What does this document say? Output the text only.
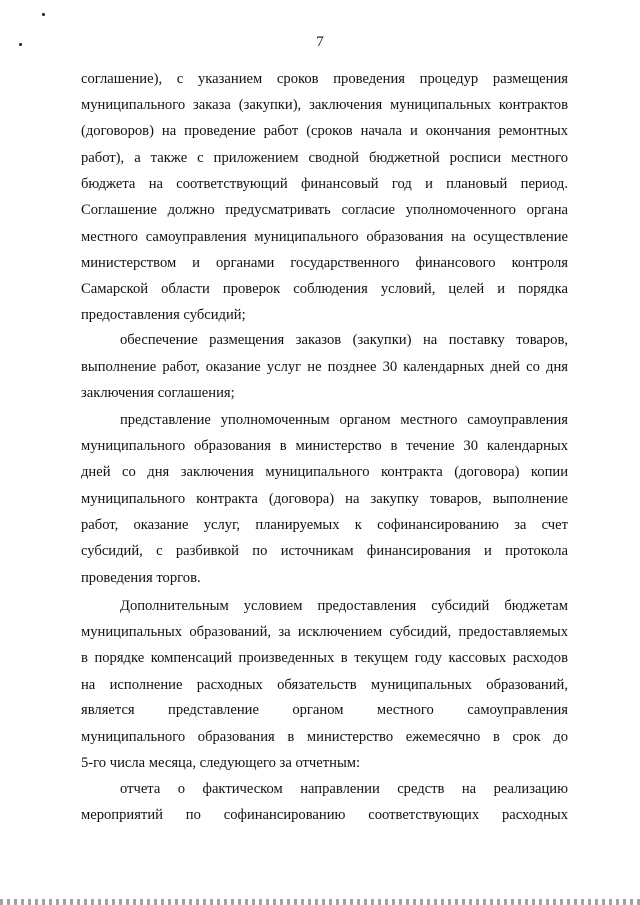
7
соглашение), с указанием сроков проведения процедур размещения
муниципального заказа (закупки), заключения муниципальных контрактов
(договоров) на проведение работ (сроков начала и окончания ремонтных
работ), а также с приложением сводной бюджетной росписи местного
бюджета на соответствующий финансовый год и плановый период.
Соглашение должно предусматривать согласие уполномоченного органа
местного самоуправления муниципального образования на осуществление
министерством и органами государственного финансового контроля
Самарской области проверок соблюдения условий, целей и порядка
предоставления субсидий;
обеспечение размещения заказов (закупки) на поставку товаров,
выполнение работ, оказание услуг не позднее 30 календарных дней со дня
заключения соглашения;
представление уполномоченным органом местного самоуправления
муниципального образования в министерство в течение 30 календарных
дней со дня заключения муниципального контракта (договора) копии
муниципального контракта (договора) на закупку товаров, выполнение
работ, оказание услуг, планируемых к софинансированию за счет
субсидий, с разбивкой по источникам финансирования и протокола
проведения торгов.
Дополнительным условием предоставления субсидий бюджетам
муниципальных образований, за исключением субсидий, предоставляемых
в порядке компенсаций произведенных в текущем году кассовых расходов
на исполнение расходных обязательств муниципальных образований,
является представление органом местного самоуправления
муниципального образования в министерство ежемесячно в срок до
5-го числа месяца, следующего за отчетным:
отчета о фактическом направлении средств на реализацию
мероприятий по софинансированию соответствующих расходных
